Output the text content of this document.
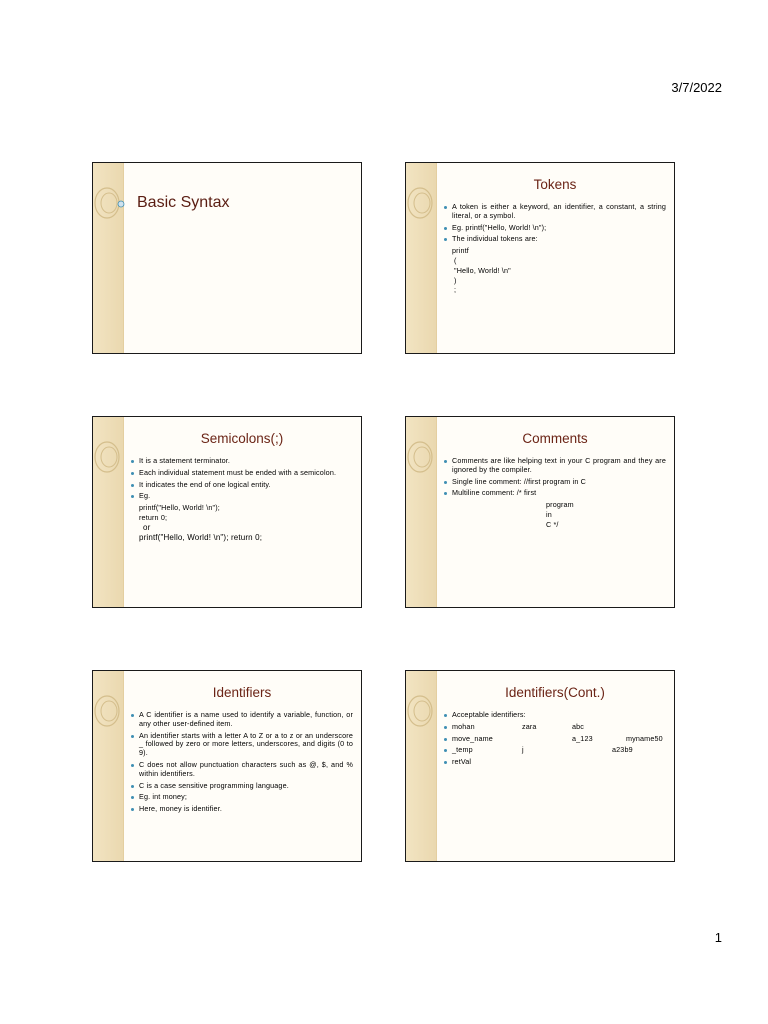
3/7/2022
Basic Syntax
Tokens
A token is either a keyword, an identifier, a constant, a string literal, or a symbol.
Eg. printf("Hello, World! \n");
The individual tokens are:
printf
(
"Hello, World! \n"
)
;
Semicolons(;)
It is a statement terminator.
Each individual statement must be ended with a semicolon.
It indicates the end of one logical entity.
Eg.
printf("Hello, World! \n");
return 0;
or
printf("Hello, World! \n"); return 0;
Comments
Comments are like helping text in your C program and they are ignored by the compiler.
Single line comment: //first program in C
Multiline comment: /* first
program
in
C */
Identifiers
A C identifier is a name used to identify a variable, function, or any other user-defined item.
An identifier starts with a letter A to Z or a to z or an underscore _ followed by zero or more letters, underscores, and digits (0 to 9).
C does not allow punctuation characters such as @, $, and % within identifiers.
C is a case sensitive programming language.
Eg. int money;
Here, money is identifier.
Identifiers(Cont.)
Acceptable identifiers:
mohan	zara	abc
move_name	a_123	myname50
_temp	j	a23b9
retVal
1
